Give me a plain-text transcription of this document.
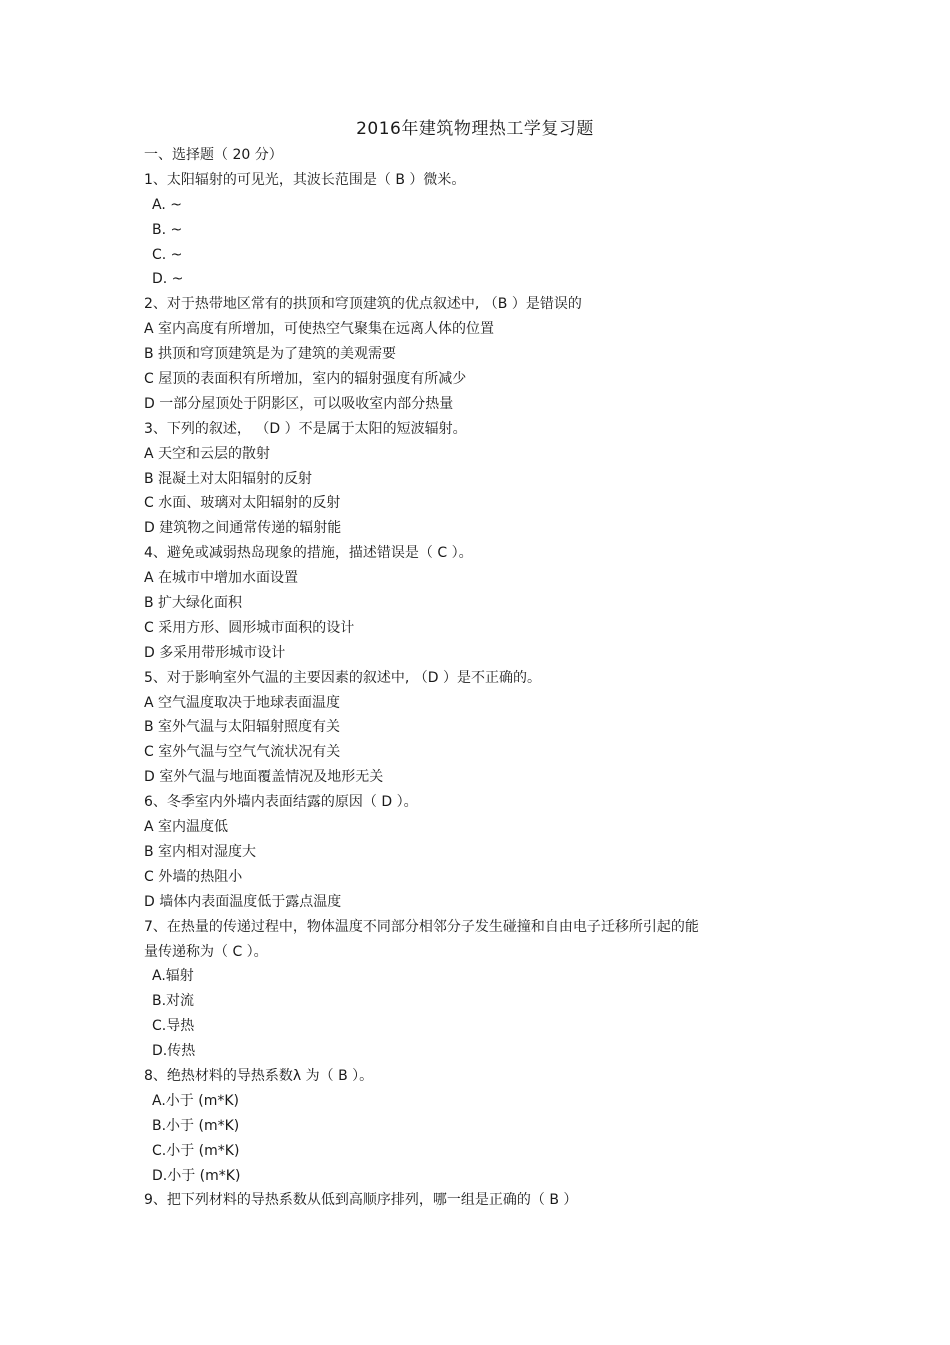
2016年建筑物理热工学复习题
一、选择题（ 20 分）
1、太阳辐射的可见光，其波长范围是（ B ）微米。
A. ~
B. ~
C. ~
D. ~
2、对于热带地区常有的拱顶和穹顶建筑的优点叙述中, （B ）是错误的
A 室内高度有所增加，可使热空气聚集在远离人体的位置
B 拱顶和穹顶建筑是为了建筑的美观需要
C 屋顶的表面积有所增加，室内的辐射强度有所减少
D 一部分屋顶处于阴影区，可以吸收室内部分热量
3、下列的叙述， （D ）不是属于太阳的短波辐射。
A 天空和云层的散射
B 混凝土对太阳辐射的反射
C 水面、玻璃对太阳辐射的反射
D 建筑物之间通常传递的辐射能
4、避免或减弱热岛现象的措施，描述错误是（ C ）。
A 在城市中增加水面设置
B 扩大绿化面积
C 采用方形、圆形城市面积的设计
D 多采用带形城市设计
5、对于影响室外气温的主要因素的叙述中, （D ）是不正确的。
A 空气温度取决于地球表面温度
B 室外气温与太阳辐射照度有关
C 室外气温与空气气流状况有关
D 室外气温与地面覆盖情况及地形无关
6、冬季室内外墙内表面结露的原因（ D ）。
A 室内温度低
B 室内相对湿度大
C 外墙的热阻小
D 墙体内表面温度低于露点温度
7、在热量的传递过程中，物体温度不同部分相邻分子发生碰撞和自由电子迁移所引起的能
量传递称为（ C ）。
A.辐射
B.对流
C.导热
D.传热
8、绝热材料的导热系数λ 为（ B ）。
A.小于 (m*K)
B.小于 (m*K)
C.小于 (m*K)
D.小于 (m*K)
9、把下列材料的导热系数从低到高顺序排列，哪一组是正确的（ B ）
